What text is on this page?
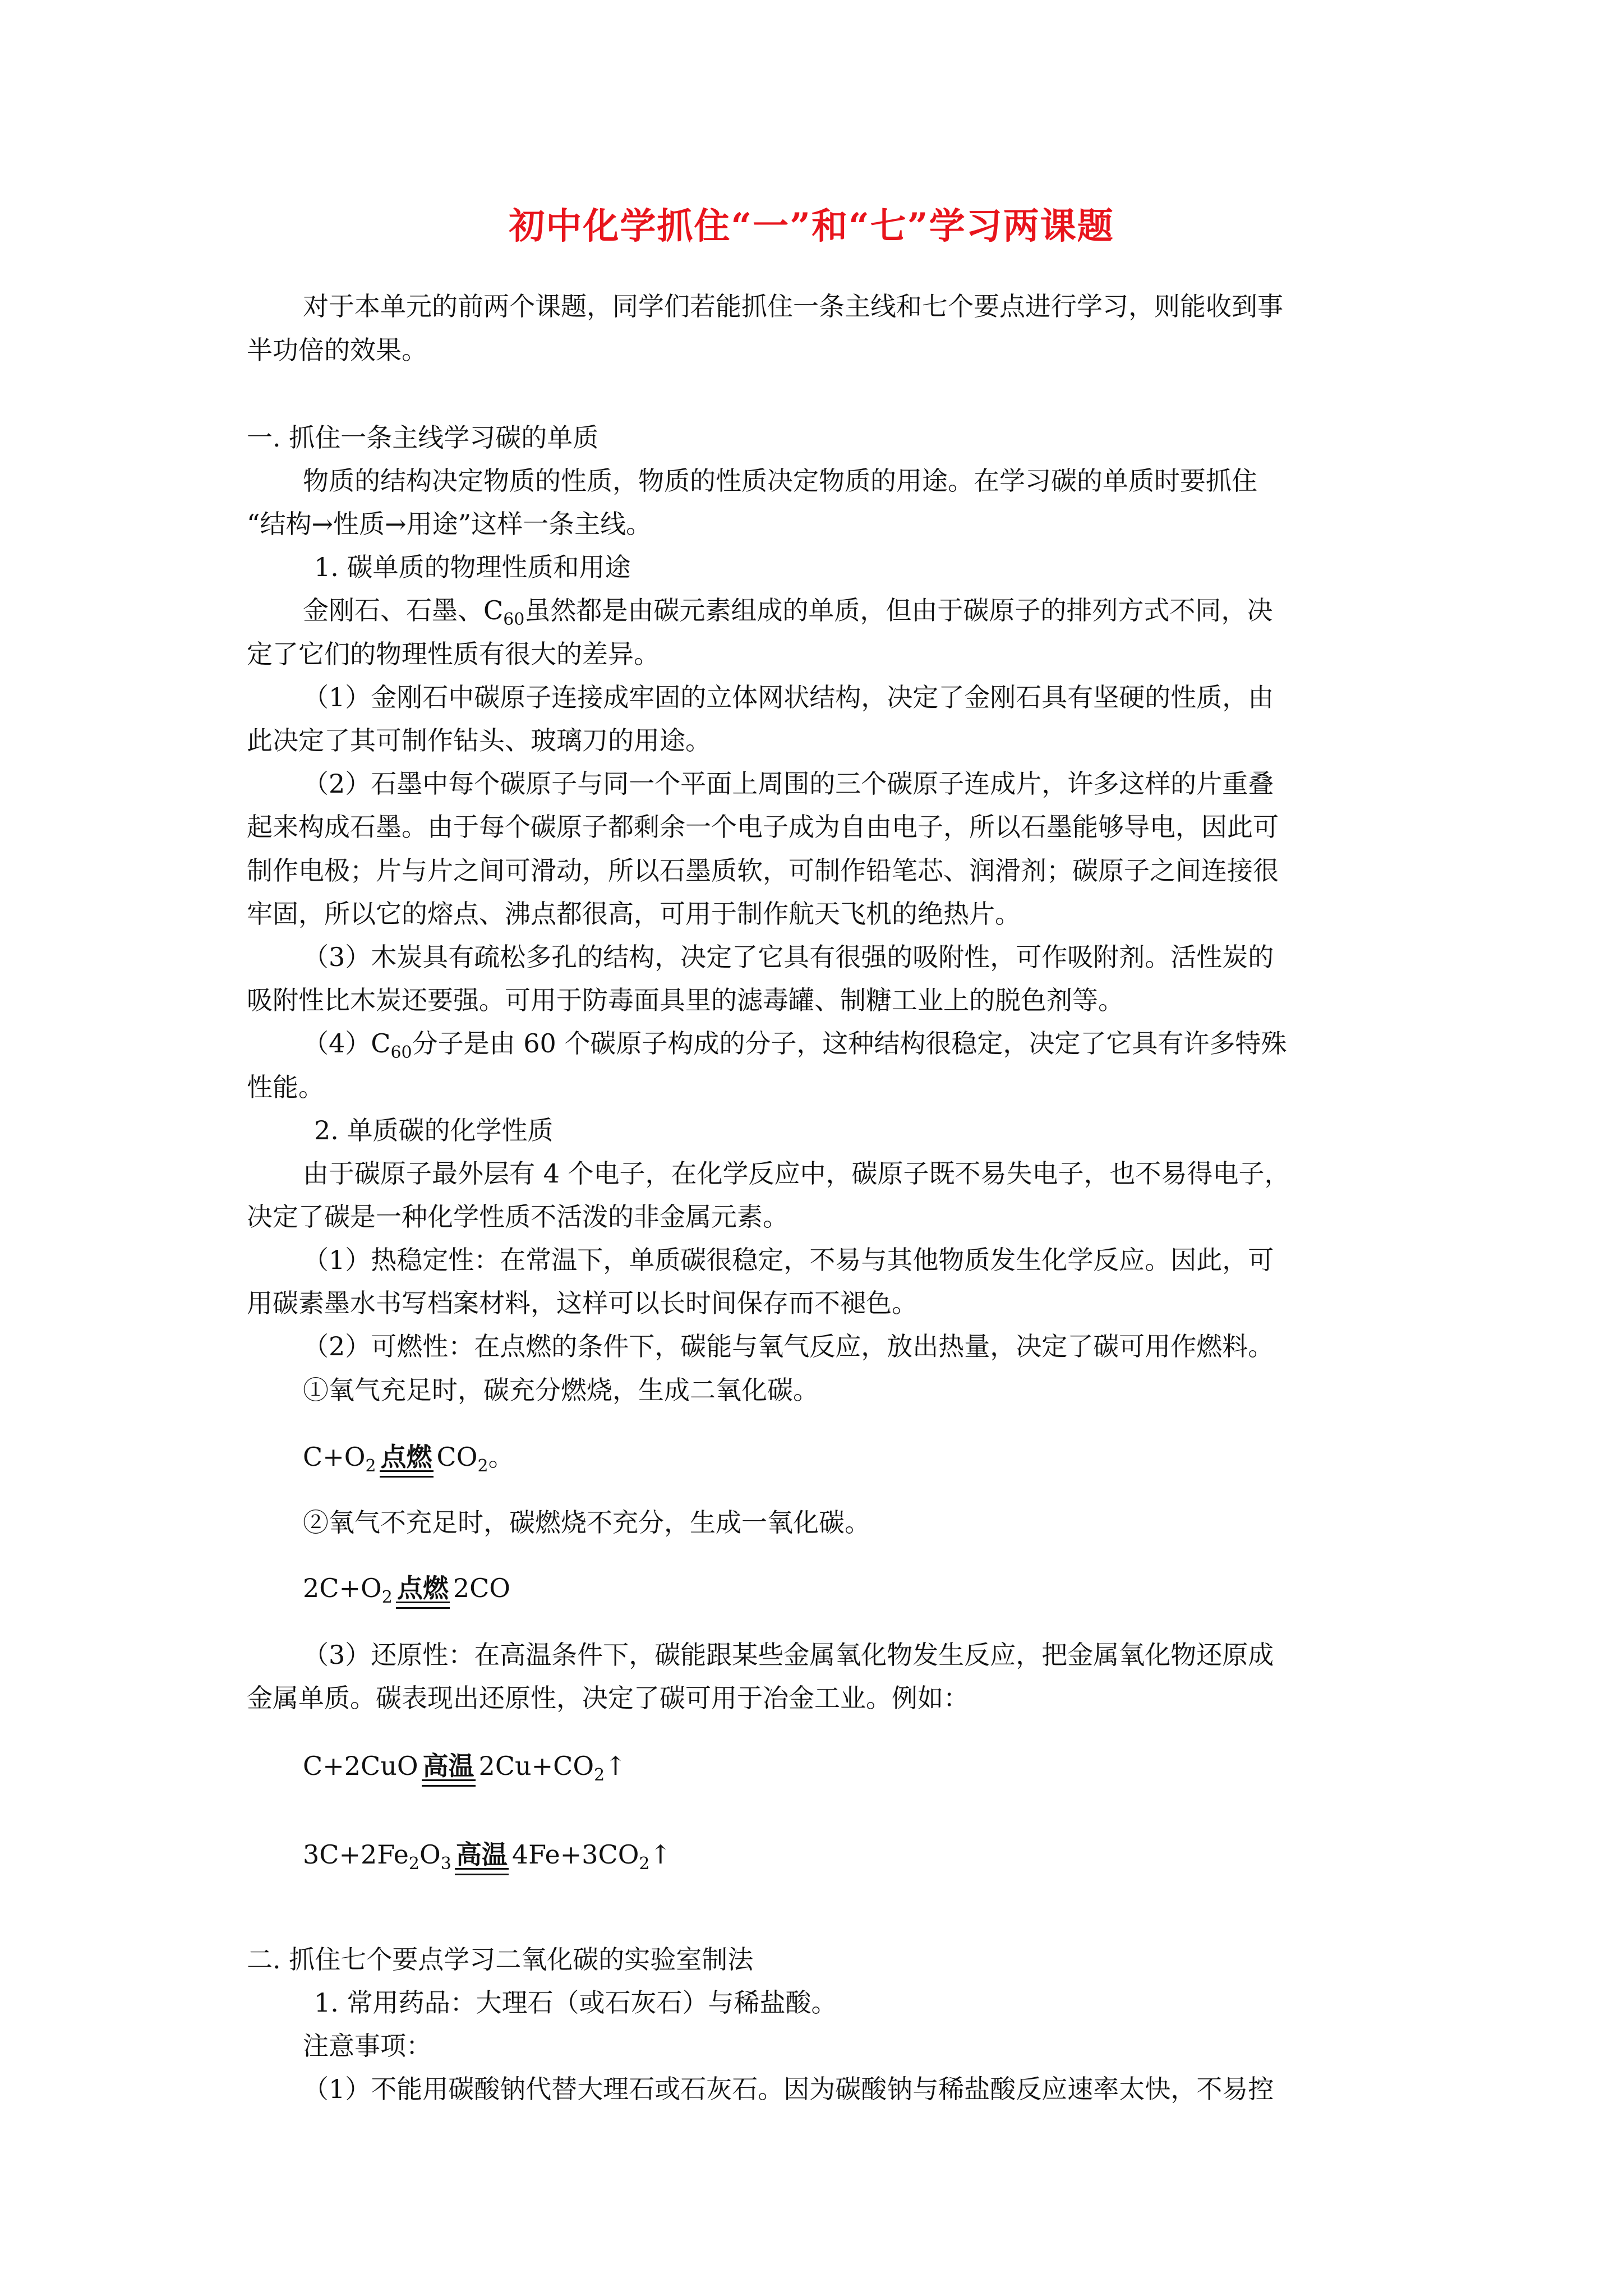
初中化学抓住“一”和“七”学习两课题
对于本单元的前两个课题，同学们若能抓住一条主线和七个要点进行学习，则能收到事
半功倍的效果。
一. 抓住一条主线学习碳的单质
物质的结构决定物质的性质，物质的性质决定物质的用途。在学习碳的单质时要抓住
“结构→性质→用途”这样一条主线。
1. 碳单质的物理性质和用途
金刚石、石墨、$C_{60}$虽然都是由碳元素组成的单质，但由于碳原子的排列方式不同，决
定了它们的物理性质有很大的差异。
（1）金刚石中碳原子连接成牢固的立体网状结构，决定了金刚石具有坚硬的性质，由
此决定了其可制作钻头、玻璃刀的用途。
（2）石墨中每个碳原子与同一个平面上周围的三个碳原子连成片，许多这样的片重叠
起来构成石墨。由于每个碳原子都剩余一个电子成为自由电子，所以石墨能够导电，因此可
制作电极；片与片之间可滑动，所以石墨质软，可制作铅笔芯、润滑剂；碳原子之间连接很
牢固，所以它的熔点、沸点都很高，可用于制作航天飞机的绝热片。
（3）木炭具有疏松多孔的结构，决定了它具有很强的吸附性，可作吸附剂。活性炭的
吸附性比木炭还要强。可用于防毒面具里的滤毒罐、制糖工业上的脱色剂等。
$(4)C_{60}$分子是由 60 个碳原子构成的分子，这种结构很稳定，决定了它具有许多特殊
性能。
2. 单质碳的化学性质
由于碳原子最外层有 4 个电子，在化学反应中，碳原子既不易失电子，也不易得电子，
决定了碳是一种化学性质不活泼的非金属元素。
（1）热稳定性：在常温下，单质碳很稳定，不易与其他物质发生化学反应。因此，可
用碳素墨水书写档案材料，这样可以长时间保存而不褪色。
（2）可燃性：在点燃的条件下，碳能与氧气反应，放出热量，决定了碳可用作燃料。
①氧气充足时，碳充分燃烧，生成二氧化碳。
$C+O_2$ 点燃 $CO_2$。
②氧气不充足时，碳燃烧不充分，生成一氧化碳。
$2C+O_2$ 点燃 2CO
（3）还原性：在高温条件下，碳能跟某些金属氧化物发生反应，把金属氧化物还原成
金属单质。碳表现出还原性，决定了碳可用于冶金工业。例如：
C+2CuO 高温 $2Cu+CO_2↑$
$3C+2Fe_2O_3$ 高温 $4Fe+3CO_2↑$
二. 抓住七个要点学习二氧化碳的实验室制法
1. 常用药品：大理石（或石灰石）与稀盐酸。
注意事项：
（1）不能用碳酸钠代替大理石或石灰石。因为碳酸钠与稀盐酸反应速率太快，不易控
